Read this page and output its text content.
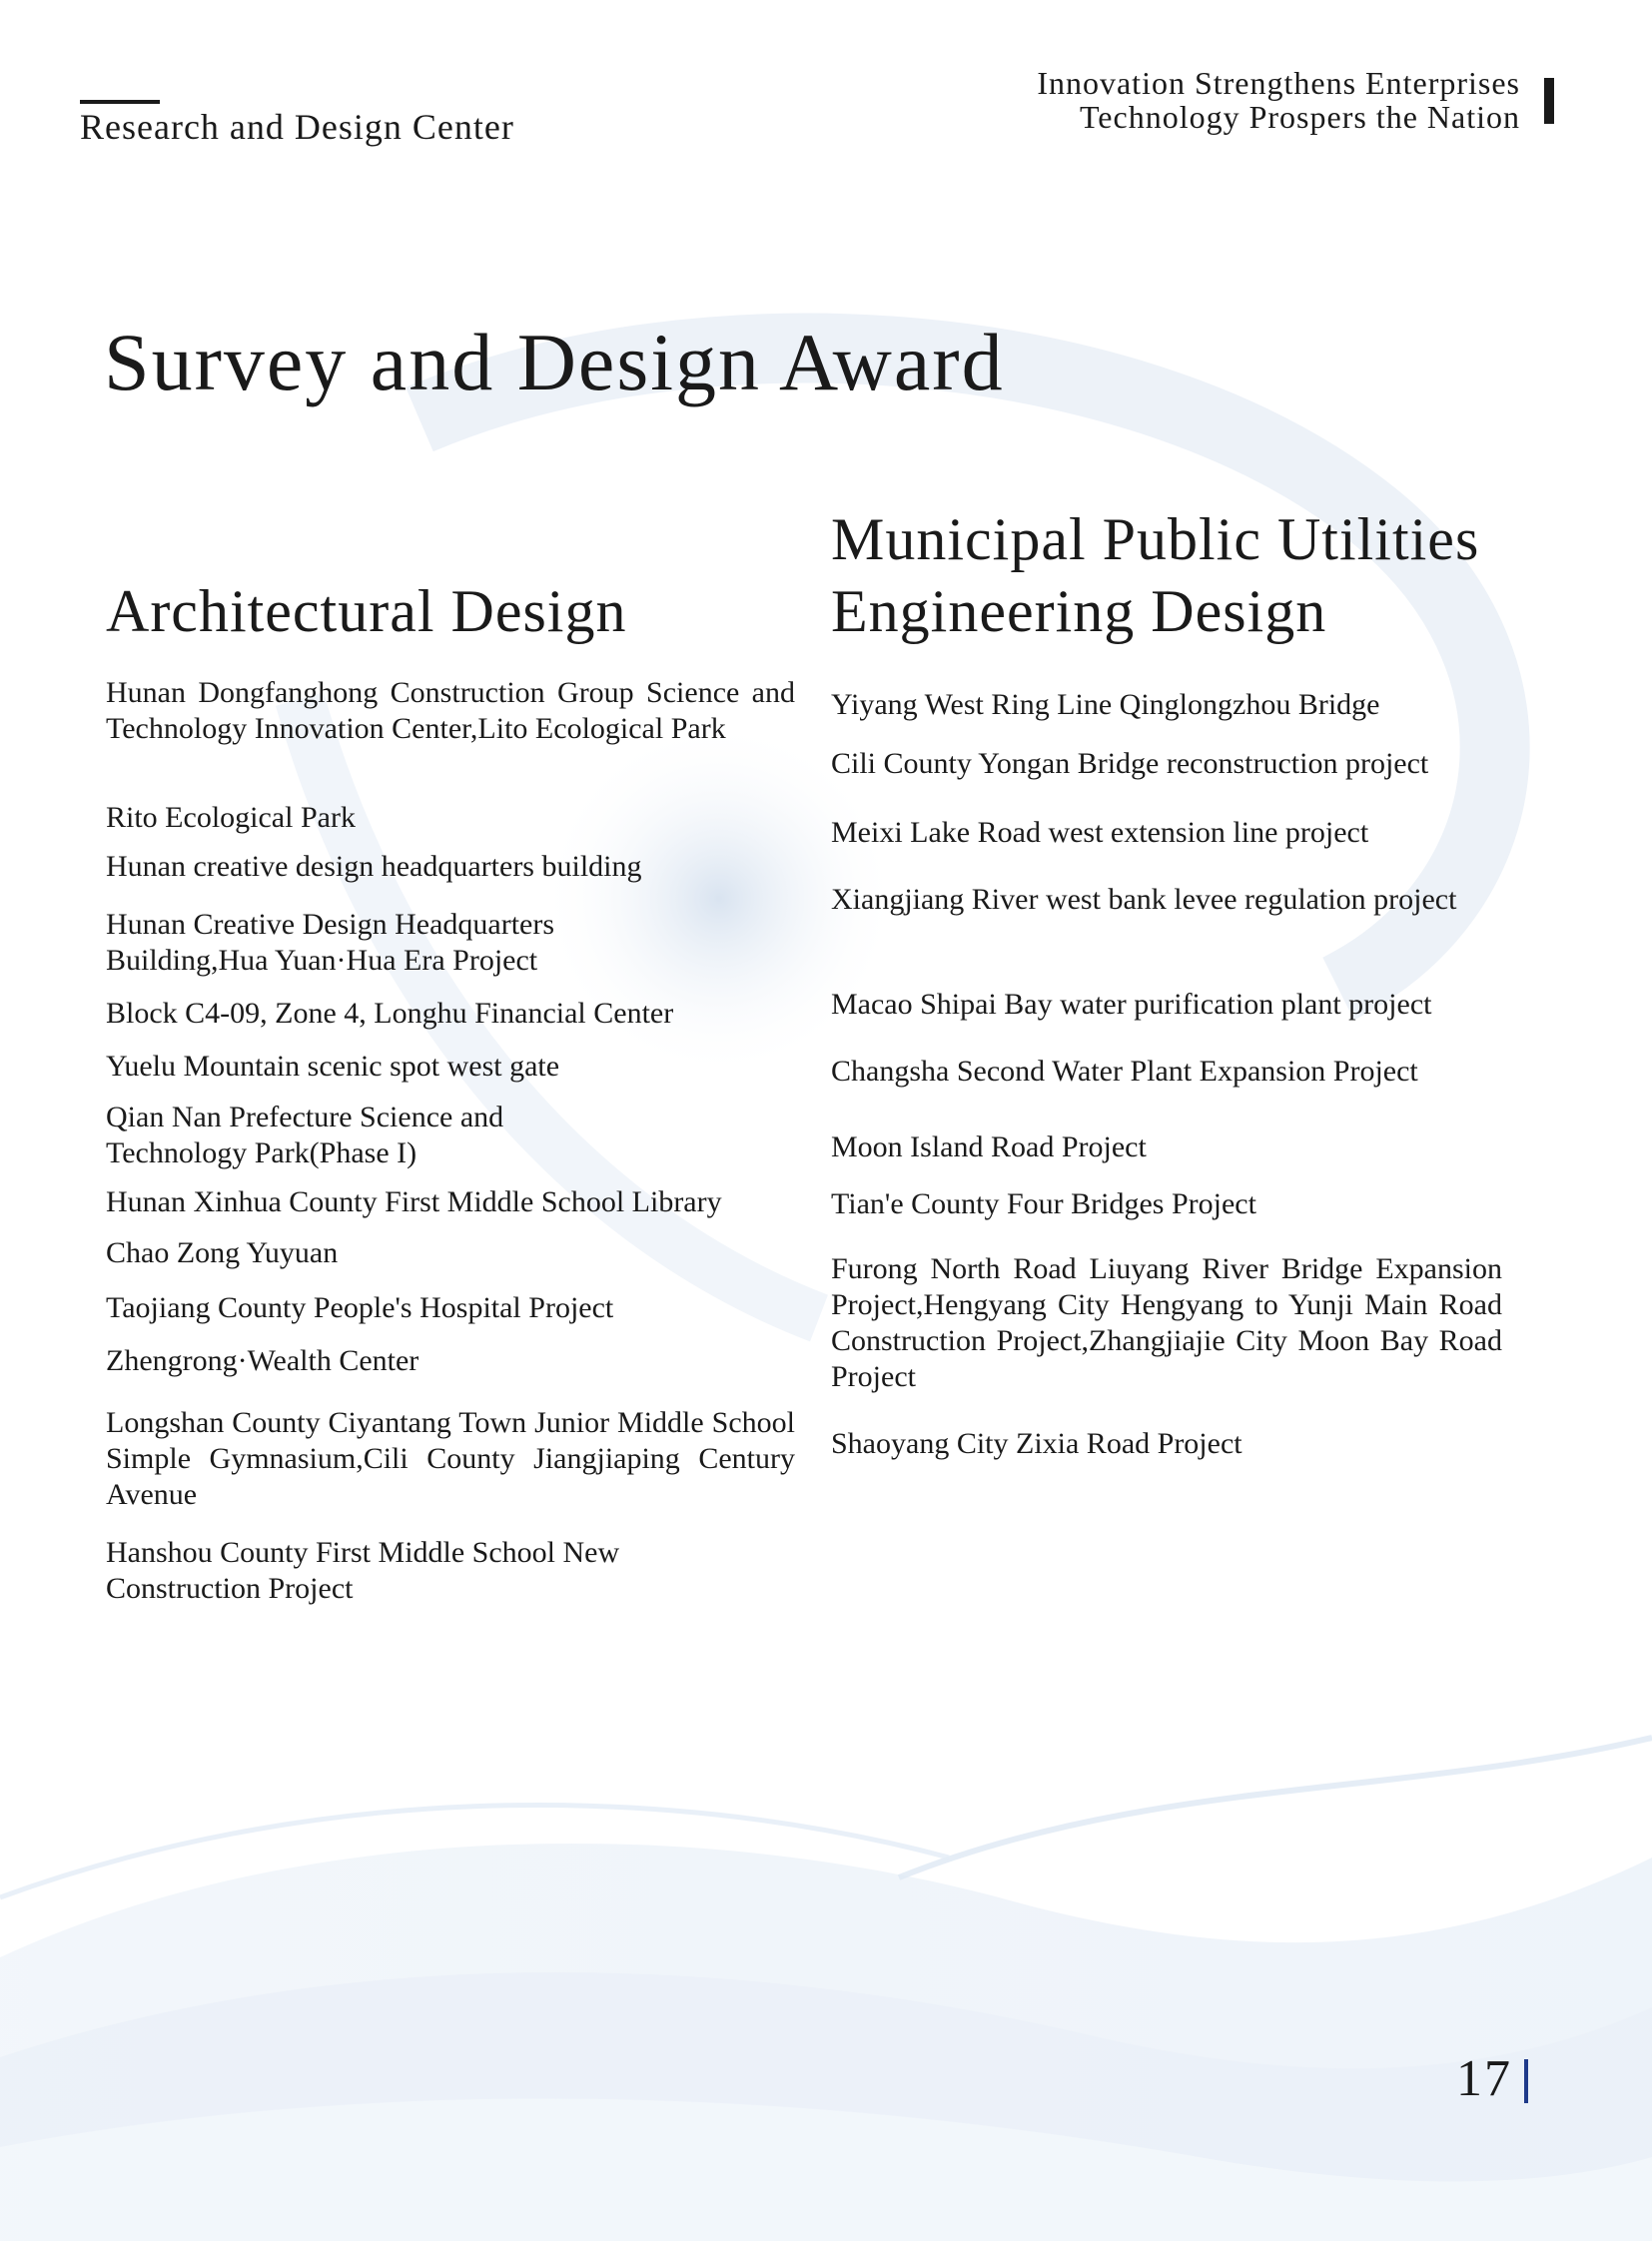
Research and Design Center
Innovation Strengthens Enterprises
Technology Prospers the Nation
Survey and Design Award
Architectural Design
Hunan Dongfanghong Construction Group Science and Technology Innovation Center,Lito Ecological Park
Rito Ecological Park
Hunan creative design headquarters building
Hunan Creative Design Headquarters Building,Hua Yuan·Hua Era Project
Block C4-09, Zone 4, Longhu Financial Center
Yuelu Mountain scenic spot west gate
Qian Nan Prefecture Science and Technology Park(Phase I)
Hunan Xinhua County First Middle School Library
Chao Zong Yuyuan
Taojiang County People's Hospital Project
Zhengrong·Wealth Center
Longshan County Ciyantang Town Junior Middle School Simple Gymnasium,Cili County Jiangjiaping Century Avenue
Hanshou County First Middle School New Construction Project
Municipal Public Utilities
Engineering Design
Yiyang West Ring Line Qinglongzhou Bridge
Cili County Yongan Bridge reconstruction project
Meixi Lake Road west extension line project
Xiangjiang River west bank levee regulation project
Macao Shipai Bay water purification plant project
Changsha Second Water Plant Expansion Project
Moon Island Road Project
Tian'e County Four Bridges Project
Furong North Road Liuyang River Bridge Expansion Project,Hengyang City Hengyang to Yunji Main Road Construction Project,Zhangjiajie City Moon Bay Road Project
Shaoyang City Zixia Road Project
17
